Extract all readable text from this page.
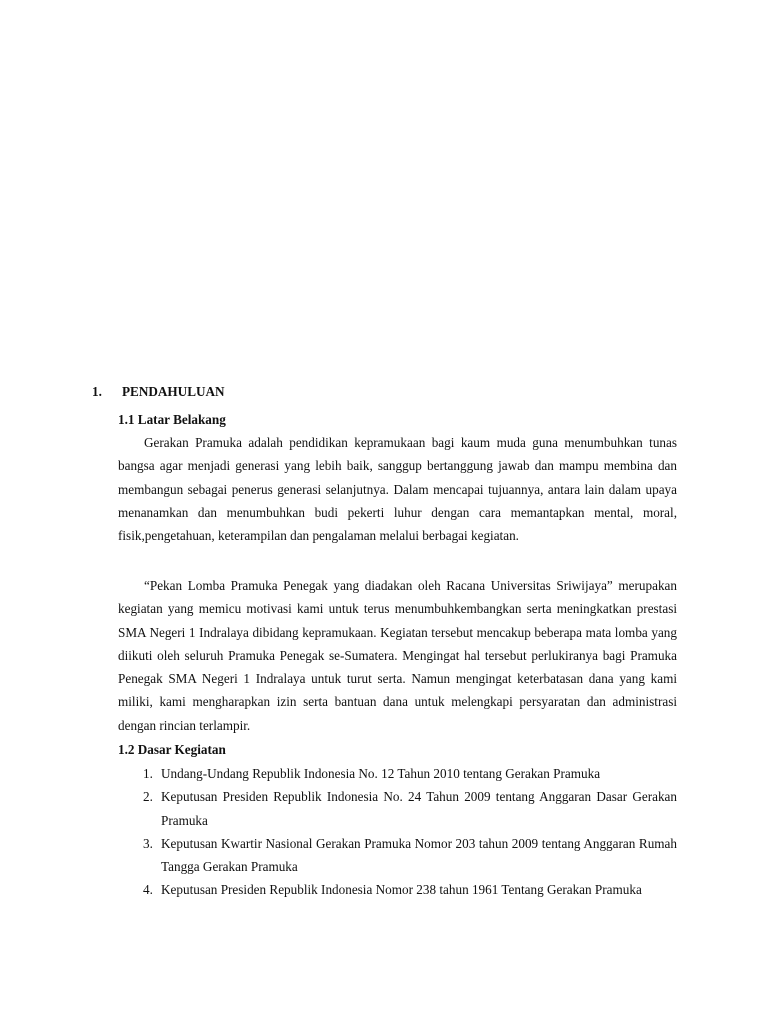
1. PENDAHULUAN
1.1 Latar Belakang

Gerakan Pramuka adalah pendidikan kepramukaan bagi kaum muda guna menumbuhkan tunas bangsa agar menjadi generasi yang lebih baik, sanggup bertanggung jawab dan mampu membina dan membangun sebagai penerus generasi selanjutnya. Dalam mencapai tujuannya, antara lain dalam upaya menanamkan dan menumbuhkan budi pekerti luhur dengan cara memantapkan mental, moral, fisik,pengetahuan, keterampilan dan pengalaman melalui berbagai kegiatan.

“Pekan Lomba Pramuka Penegak yang diadakan oleh Racana Universitas Sriwijaya” merupakan kegiatan yang memicu motivasi kami untuk terus menumbuhkembangkan serta meningkatkan prestasi SMA Negeri 1 Indralaya dibidang kepramukaan. Kegiatan tersebut mencakup beberapa mata lomba yang diikuti oleh seluruh Pramuka Penegak se-Sumatera. Mengingat hal tersebut perlukiranya bagi Pramuka Penegak SMA Negeri 1 Indralaya untuk turut serta. Namun mengingat keterbatasan dana yang kami miliki, kami mengharapkan izin serta bantuan dana untuk melengkapi persyaratan dan administrasi dengan rincian terlampir.

1.2 Dasar Kegiatan
1. Undang-Undang Republik Indonesia No. 12 Tahun 2010 tentang Gerakan Pramuka
2. Keputusan Presiden Republik Indonesia No. 24 Tahun 2009 tentang Anggaran Dasar Gerakan Pramuka
3. Keputusan Kwartir Nasional Gerakan Pramuka Nomor 203 tahun 2009 tentang Anggaran Rumah Tangga Gerakan Pramuka
4. Keputusan Presiden Republik Indonesia Nomor 238 tahun 1961 Tentang Gerakan Pramuka
